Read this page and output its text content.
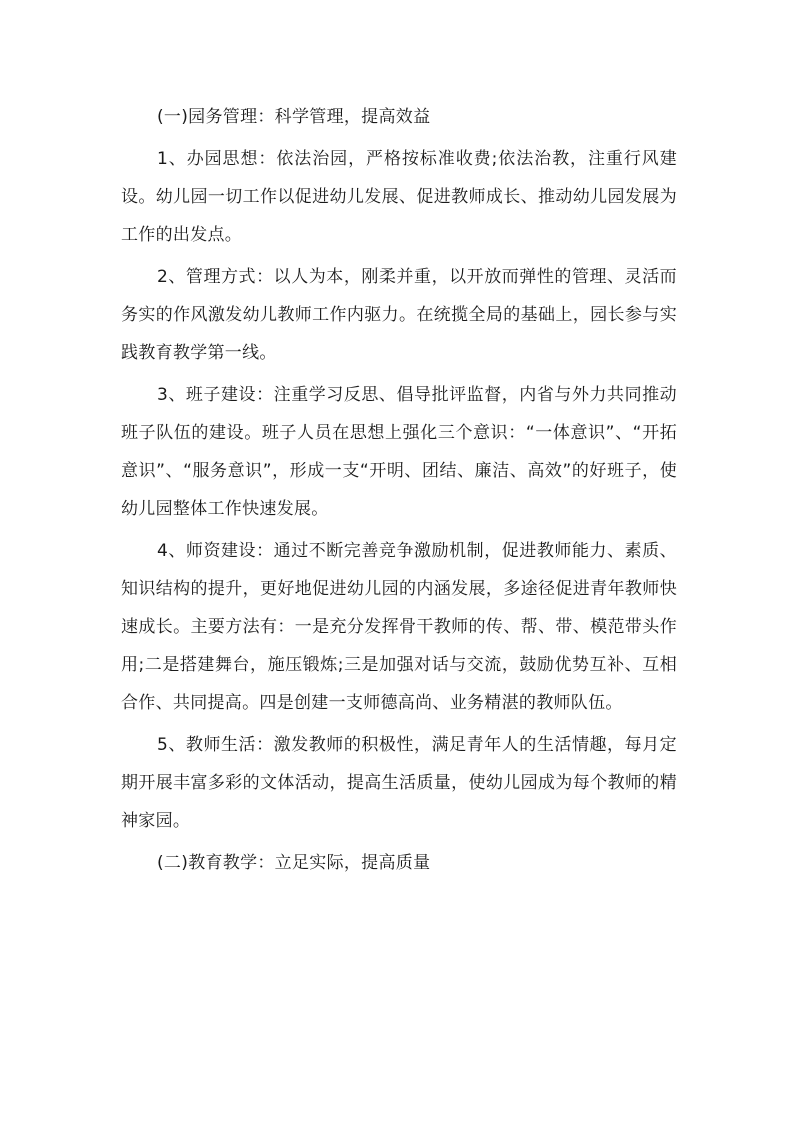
(一)园务管理：科学管理，提高效益

1、办园思想：依法治园，严格按标准收费;依法治教，注重行风建设。幼儿园一切工作以促进幼儿发展、促进教师成长、推动幼儿园发展为工作的出发点。

2、管理方式：以人为本，刚柔并重，以开放而弹性的管理、灵活而务实的作风激发幼儿教师工作内驱力。在统揽全局的基础上，园长参与实践教育教学第一线。

3、班子建设：注重学习反思、倡导批评监督，内省与外力共同推动班子队伍的建设。班子人员在思想上强化三个意识：“一体意识”、“开拓意识”、“服务意识”，形成一支“开明、团结、廉洁、高效”的好班子，使幼儿园整体工作快速发展。

4、师资建设：通过不断完善竞争激励机制，促进教师能力、素质、知识结构的提升，更好地促进幼儿园的内涵发展，多途径促进青年教师快速成长。主要方法有：一是充分发挥骨干教师的传、帮、带、模范带头作用;二是搭建舞台，施压锻炼;三是加强对话与交流，鼓励优势互补、互相合作、共同提高。四是创建一支师德高尚、业务精湛的教师队伍。

5、教师生活：激发教师的积极性，满足青年人的生活情趣，每月定期开展丰富多彩的文体活动，提高生活质量，使幼儿园成为每个教师的精神家园。

(二)教育教学：立足实际，提高质量
